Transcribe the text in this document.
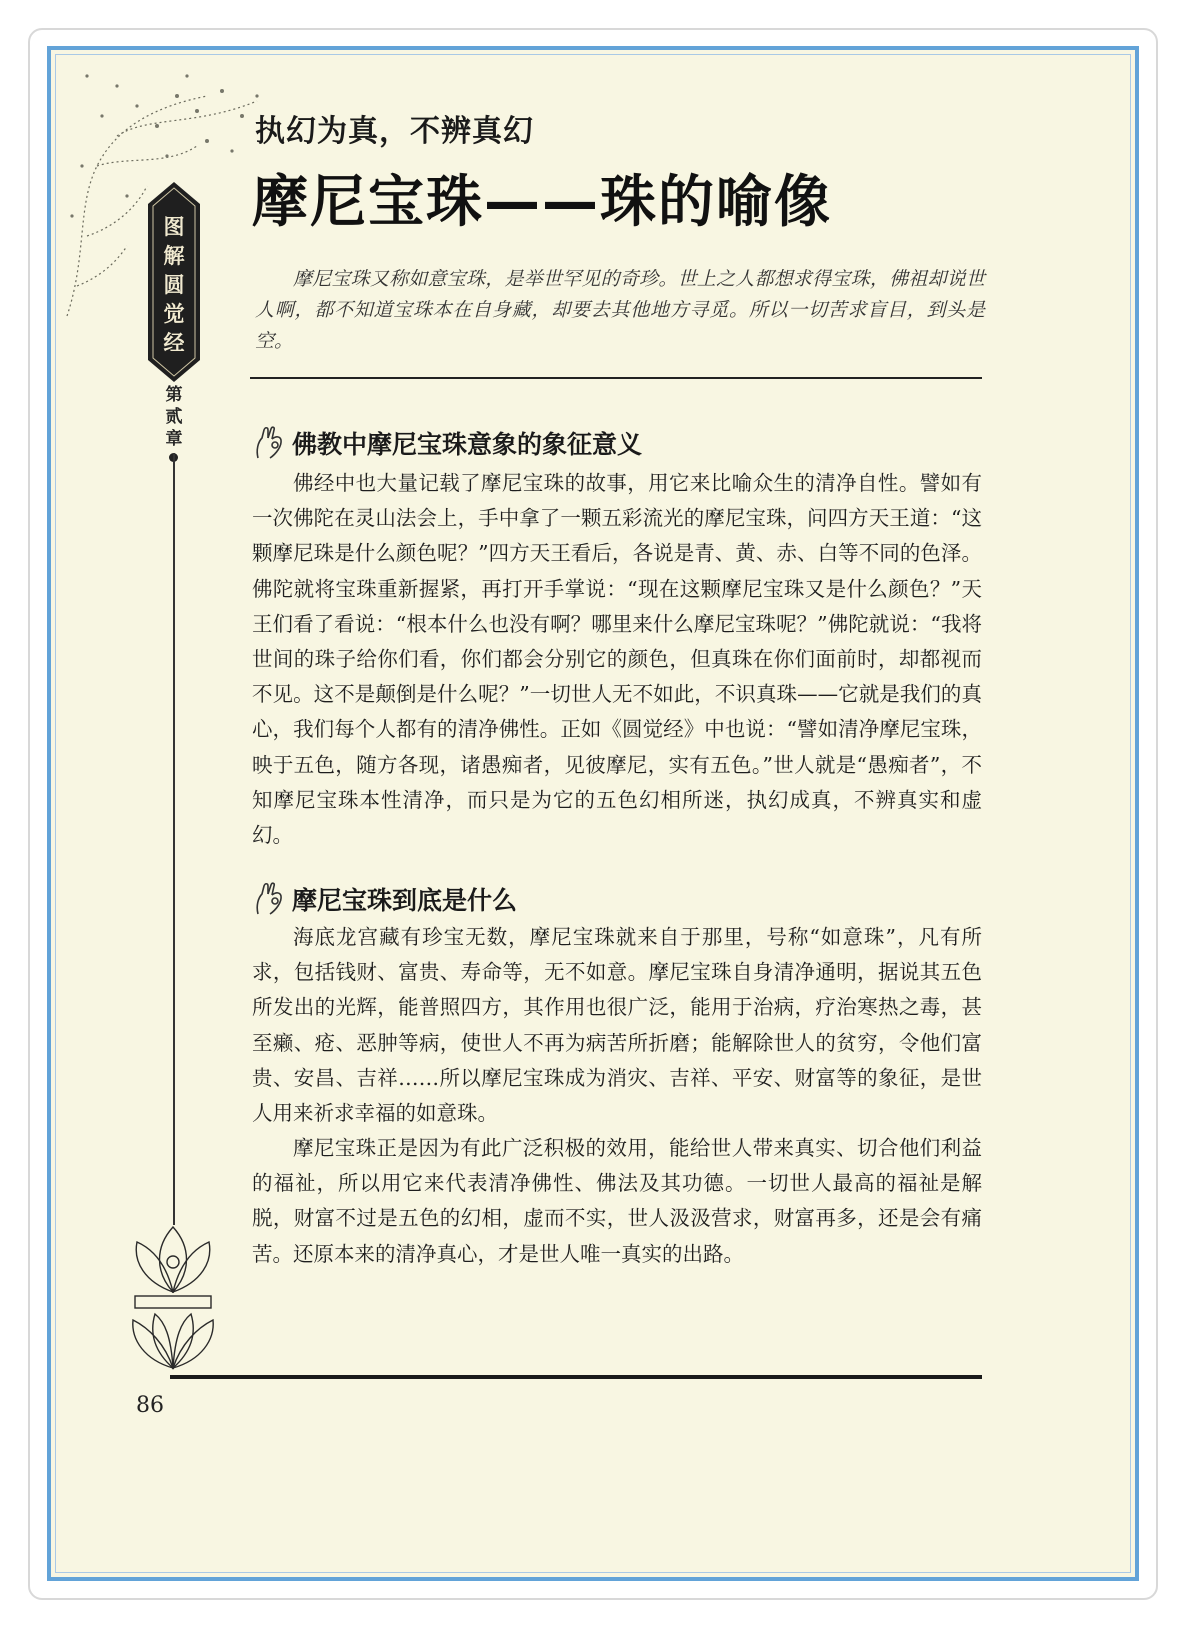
图解圆觉经
第贰章
执幻为真，不辨真幻
摩尼宝珠——珠的喻像

摩尼宝珠又称如意宝珠，是举世罕见的奇珍。世上之人都想求得宝珠，佛祖却说世人啊，都不知道宝珠本在自身藏，却要去其他地方寻觅。所以一切苦求盲目，到头是空。

佛教中摩尼宝珠意象的象征意义

佛经中也大量记载了摩尼宝珠的故事，用它来比喻众生的清净自性。譬如有一次佛陀在灵山法会上，手中拿了一颗五彩流光的摩尼宝珠，问四方天王道：“这颗摩尼珠是什么颜色呢？”四方天王看后，各说是青、黄、赤、白等不同的色泽。佛陀就将宝珠重新握紧，再打开手掌说：“现在这颗摩尼宝珠又是什么颜色？”天王们看了看说：“根本什么也没有啊？哪里来什么摩尼宝珠呢？”佛陀就说：“我将世间的珠子给你们看，你们都会分别它的颜色，但真珠在你们面前时，却都视而不见。这不是颠倒是什么呢？”一切世人无不如此，不识真珠——它就是我们的真心，我们每个人都有的清净佛性。正如《圆觉经》中也说：“譬如清净摩尼宝珠，映于五色，随方各现，诸愚痴者，见彼摩尼，实有五色。”世人就是“愚痴者”，不知摩尼宝珠本性清净，而只是为它的五色幻相所迷，执幻成真，不辨真实和虚幻。

摩尼宝珠到底是什么

海底龙宫藏有珍宝无数，摩尼宝珠就来自于那里，号称“如意珠”，凡有所求，包括钱财、富贵、寿命等，无不如意。摩尼宝珠自身清净通明，据说其五色所发出的光辉，能普照四方，其作用也很广泛，能用于治病，疗治寒热之毒，甚至癞、疮、恶肿等病，使世人不再为病苦所折磨；能解除世人的贫穷，令他们富贵、安昌、吉祥……所以摩尼宝珠成为消灾、吉祥、平安、财富等的象征，是世人用来祈求幸福的如意珠。

摩尼宝珠正是因为有此广泛积极的效用，能给世人带来真实、切合他们利益的福祉，所以用它来代表清净佛性、佛法及其功德。一切世人最高的福祉是解脱，财富不过是五色的幻相，虚而不实，世人汲汲营求，财富再多，还是会有痛苦。还原本来的清净真心，才是世人唯一真实的出路。

86
